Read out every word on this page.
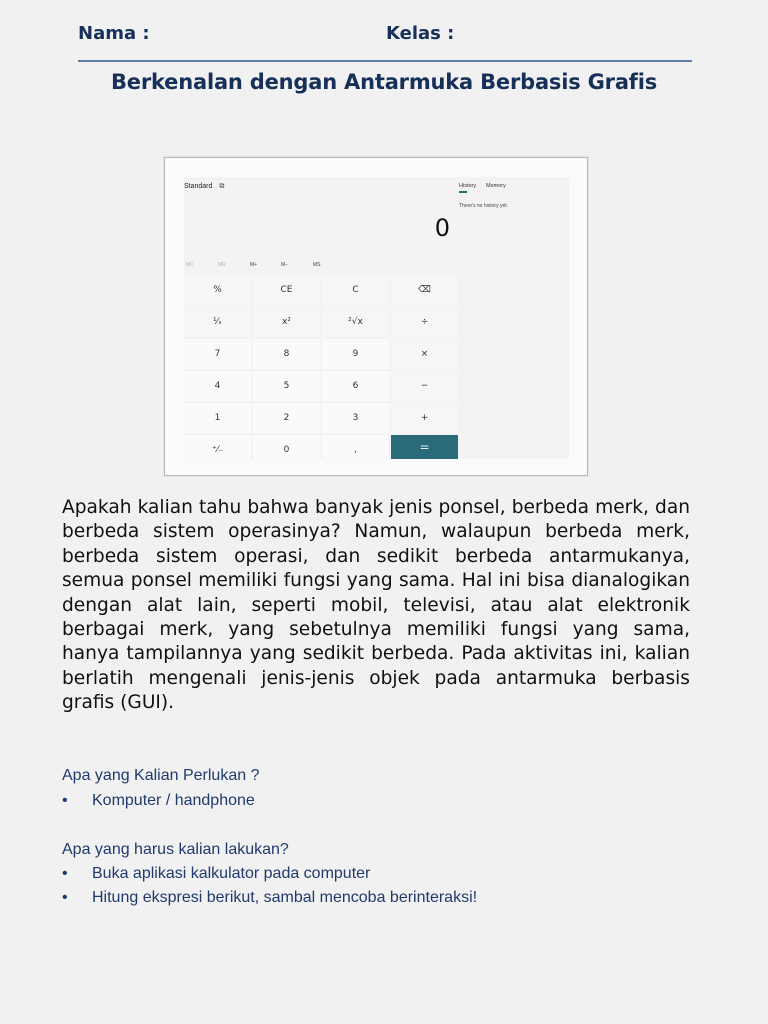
Nama :	Kelas :
Berkenalan dengan Antarmuka Berbasis Grafis
Standard ⧉
0
MC	MR	M+	M−	MS
%	CE	C	⌫
¹⁄ₓ	x²	²√x	÷
7	8	9	×
4	5	6	−
1	2	3	+
⁺⁄₋	0	,	=
History Memory
There's no history yet.

Apakah kalian tahu bahwa banyak jenis ponsel, berbeda merk, dan berbeda sistem operasinya? Namun, walaupun berbeda merk, berbeda sistem operasi, dan sedikit berbeda antarmukanya, semua ponsel memiliki fungsi yang sama. Hal ini bisa dianalogikan dengan alat lain, seperti mobil, televisi, atau alat elektronik berbagai merk, yang sebetulnya memiliki fungsi yang sama, hanya tampilannya yang sedikit berbeda. Pada aktivitas ini, kalian berlatih mengenali jenis-jenis objek pada antarmuka berbasis grafis (GUI).

Apa yang Kalian Perlukan ?
• Komputer / handphone
Apa yang harus kalian lakukan?
• Buka aplikasi kalkulator pada computer
• Hitung ekspresi berikut, sambal mencoba berinteraksi!
